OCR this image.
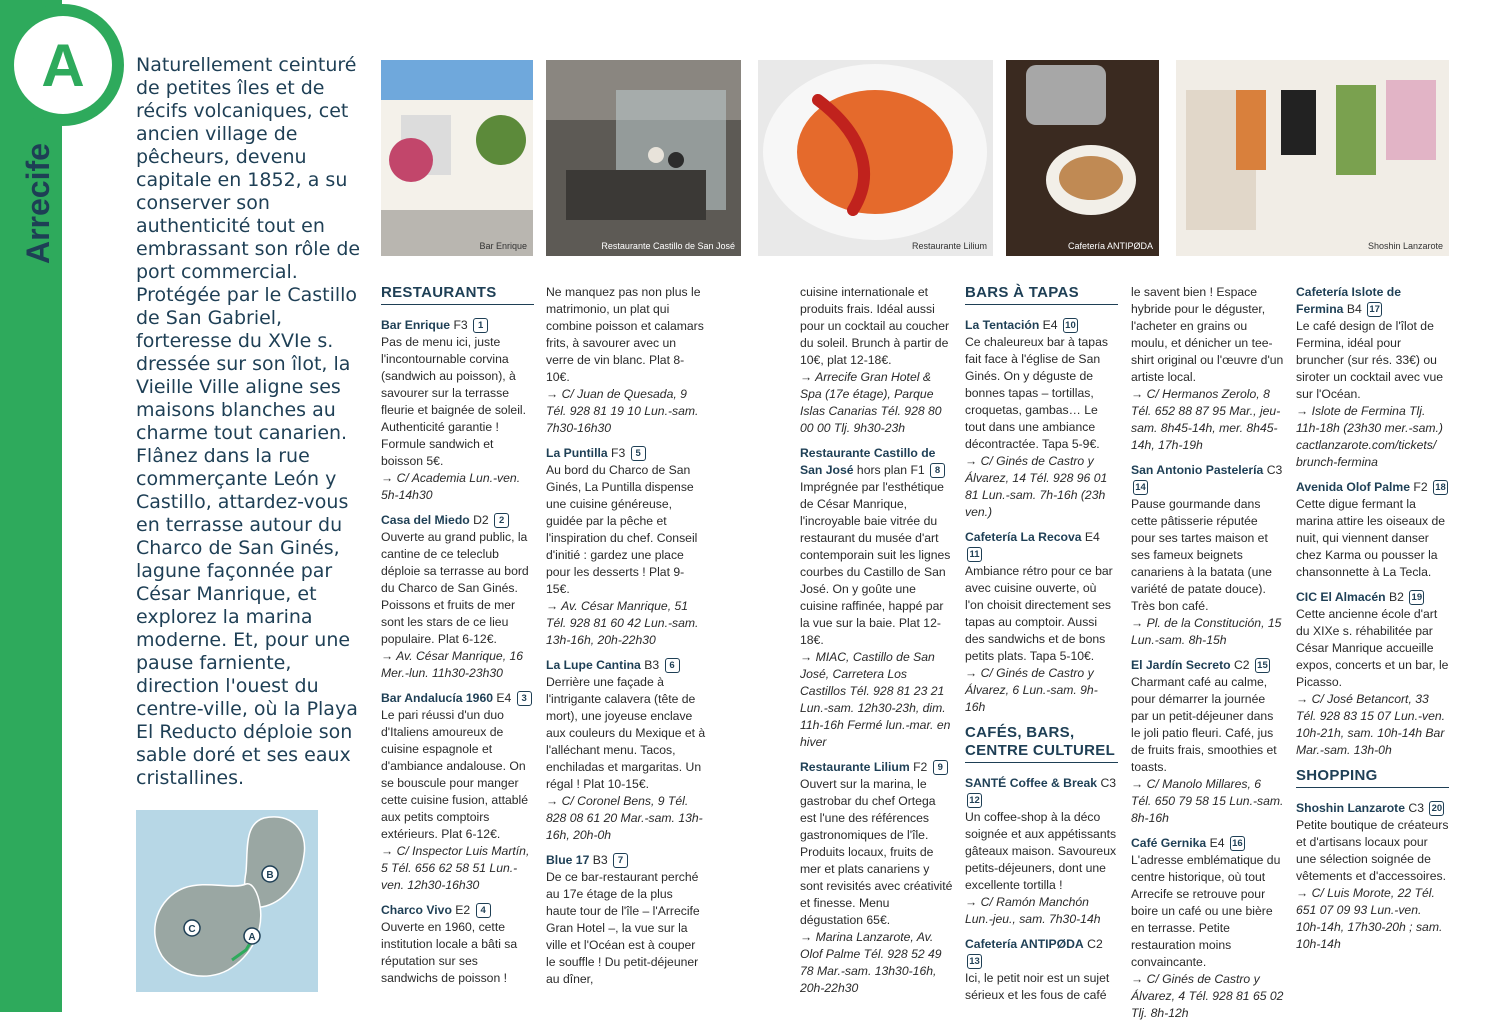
A
Arrecife
Naturellement ceinturé de petites îles et de récifs volcaniques, cet ancien village de pêcheurs, devenu capitale en 1852, a su conserver son authenticité tout en embrassant son rôle de port commercial. Protégée par le Castillo de San Gabriel, forteresse du XVIe s. dressée sur son îlot, la Vieille Ville aligne ses maisons blanches au charme tout canarien. Flânez dans la rue commerçante León y Castillo, attardez-vous en terrasse autour du Charco de San Ginés, lagune façonnée par César Manrique, et explorez la marina moderne. Et, pour une pause farniente, direction l'ouest du centre-ville, où la Playa El Reducto déploie son sable doré et ses eaux cristallines.
A
B
C
Bar Enrique	Restaurante Castillo de San José	Restaurante Lilium	Cafetería ANTIPØDA	Shoshin Lanzarote
RESTAURANTS

Bar Enrique F3 1

Pas de menu ici, juste l'incontournable corvina (sandwich au poisson), à savourer sur la terrasse fleurie et baignée de soleil. Authenticité garantie ! Formule sandwich et boisson 5€.

→ C/ Academia Lun.-ven. 5h-14h30

Casa del Miedo D2 2

Ouverte au grand public, la cantine de ce teleclub déploie sa terrasse au bord du Charco de San Ginés. Poissons et fruits de mer sont les stars de ce lieu populaire. Plat 6-12€.

→ Av. César Manrique, 16 Mer.-lun. 11h30-23h30

Bar Andalucía 1960 E4 3

Le pari réussi d'un duo d'Italiens amoureux de cuisine espagnole et d'ambiance andalouse. On se bouscule pour manger cette cuisine fusion, attablé aux petits comptoirs extérieurs. Plat 6-12€.

→ C/ Inspector Luis Martín, 5 Tél. 656 62 58 51 Lun.-ven. 12h30-16h30

Charco Vivo E2 4

Ouverte en 1960, cette institution locale a bâti sa réputation sur ses sandwichs de poisson !

Ne manquez pas non plus le matrimonio, un plat qui combine poisson et calamars frits, à savourer avec un verre de vin blanc. Plat 8-10€.

→ C/ Juan de Quesada, 9 Tél. 928 81 19 10 Lun.-sam. 7h30-16h30

La Puntilla F3 5

Au bord du Charco de San Ginés, La Puntilla dispense une cuisine généreuse, guidée par la pêche et l'inspiration du chef. Conseil d'initié : gardez une place pour les desserts ! Plat 9-15€.

→ Av. César Manrique, 51 Tél. 928 81 60 42 Lun.-sam. 13h-16h, 20h-22h30

La Lupe Cantina B3 6

Derrière une façade à l'intrigante calavera (tête de mort), une joyeuse enclave aux couleurs du Mexique et à l'alléchant menu. Tacos, enchiladas et margaritas. Un régal ! Plat 10-15€.

→ C/ Coronel Bens, 9 Tél. 828 08 61 20 Mar.-sam. 13h-16h, 20h-0h

Blue 17 B3 7

De ce bar-restaurant perché au 17e étage de la plus haute tour de l'île – l'Arrecife Gran Hotel –, la vue sur la ville et l'Océan est à couper le souffle ! Du petit-déjeuner au dîner,

cuisine internationale et produits frais. Idéal aussi pour un cocktail au coucher du soleil. Brunch à partir de 10€, plat 12-18€.

→ Arrecife Gran Hotel & Spa (17e étage), Parque Islas Canarias Tél. 928 80 00 00 Tlj. 9h30-23h

Restaurante Castillo de San José hors plan F1 8

Imprégnée par l'esthétique de César Manrique, l'incroyable baie vitrée du restaurant du musée d'art contemporain suit les lignes courbes du Castillo de San José. On y goûte une cuisine raffinée, happé par la vue sur la baie. Plat 12-18€.

→ MIAC, Castillo de San José, Carretera Los Castillos Tél. 928 81 23 21 Lun.-sam. 12h30-23h, dim. 11h-16h Fermé lun.-mar. en hiver

Restaurante Lilium F2 9

Ouvert sur la marina, le gastrobar du chef Ortega est l'une des références gastronomiques de l'île. Produits locaux, fruits de mer et plats canariens y sont revisités avec créativité et finesse. Menu dégustation 65€.

→ Marina Lanzarote, Av. Olof Palme Tél. 928 52 49 78 Mar.-sam. 13h30-16h, 20h-22h30

BARS À TAPAS

La Tentación E4 10

Ce chaleureux bar à tapas fait face à l'église de San Ginés. On y déguste de bonnes tapas – tortillas, croquetas, gambas… Le tout dans une ambiance décontractée. Tapa 5-9€.

→ C/ Ginés de Castro y Álvarez, 14 Tél. 928 96 01 81 Lun.-sam. 7h-16h (23h ven.)

Cafetería La Recova E4 11

Ambiance rétro pour ce bar avec cuisine ouverte, où l'on choisit directement ses tapas au comptoir. Aussi des sandwichs et de bons petits plats. Tapa 5-10€.

→ C/ Ginés de Castro y Álvarez, 6 Lun.-sam. 9h-16h

CAFÉS, BARS, CENTRE CULTUREL

SANTÉ Coffee & Break C3 12

Un coffee-shop à la déco soignée et aux appétissants gâteaux maison. Savoureux petits-déjeuners, dont une excellente tortilla !

→ C/ Ramón Manchón Lun.-jeu., sam. 7h30-14h

Cafetería ANTIPØDA C2 13

Ici, le petit noir est un sujet sérieux et les fous de café

le savent bien ! Espace hybride pour le déguster, l'acheter en grains ou moulu, et dénicher un tee-shirt original ou l'œuvre d'un artiste local.

→ C/ Hermanos Zerolo, 8 Tél. 652 88 87 95 Mar., jeu-sam. 8h45-14h, mer. 8h45-14h, 17h-19h

San Antonio Pastelería C3 14

Pause gourmande dans cette pâtisserie réputée pour ses tartes maison et ses fameux beignets canariens à la batata (une variété de patate douce). Très bon café.

→ Pl. de la Constitución, 15 Lun.-sam. 8h-15h

El Jardín Secreto C2 15

Charmant café au calme, pour démarrer la journée par un petit-déjeuner dans le joli patio fleuri. Café, jus de fruits frais, smoothies et toasts.

→ C/ Manolo Millares, 6 Tél. 650 79 58 15 Lun.-sam. 8h-16h

Café Gernika E4 16

L'adresse emblématique du centre historique, où tout Arrecife se retrouve pour boire un café ou une bière en terrasse. Petite restauration moins convaincante.

→ C/ Ginés de Castro y Álvarez, 4 Tél. 928 81 65 02 Tlj. 8h-12h

Cafetería Isl​ote de Fermina B4 17

Le café design de l'îlot de Fermina, idéal pour bruncher (sur rés. 33€) ou siroter un cocktail avec vue sur l'Océan.

→ Islote de Fermina Tlj. 11h-18h (23h30 mer.-sam.) cactlanzarote.com/tickets/ brunch-fermina

Avenida Olof Palme F2 18

Cette digue fermant la marina attire les oiseaux de nuit, qui viennent danser chez Karma ou pousser la chansonnette à La Tecla.

CIC El Almacén B2 19

Cette ancienne école d'art du XIXe s. réhabilitée par César Manrique accueille expos, concerts et un bar, le Picasso.

→ C/ José Betancort, 33 Tél. 928 83 15 07 Lun.-ven. 10h-21h, sam. 10h-14h Bar Mar.-sam. 13h-0h

SHOPPING

Shoshin Lanzarote C3 20

Petite boutique de créateurs et d'artisans locaux pour une sélection soignée de vêtements et d'accessoires.

→ C/ Luis Morote, 22 Tél. 651 07 09 93 Lun.-ven. 10h-14h, 17h30-20h ; sam. 10h-14h
